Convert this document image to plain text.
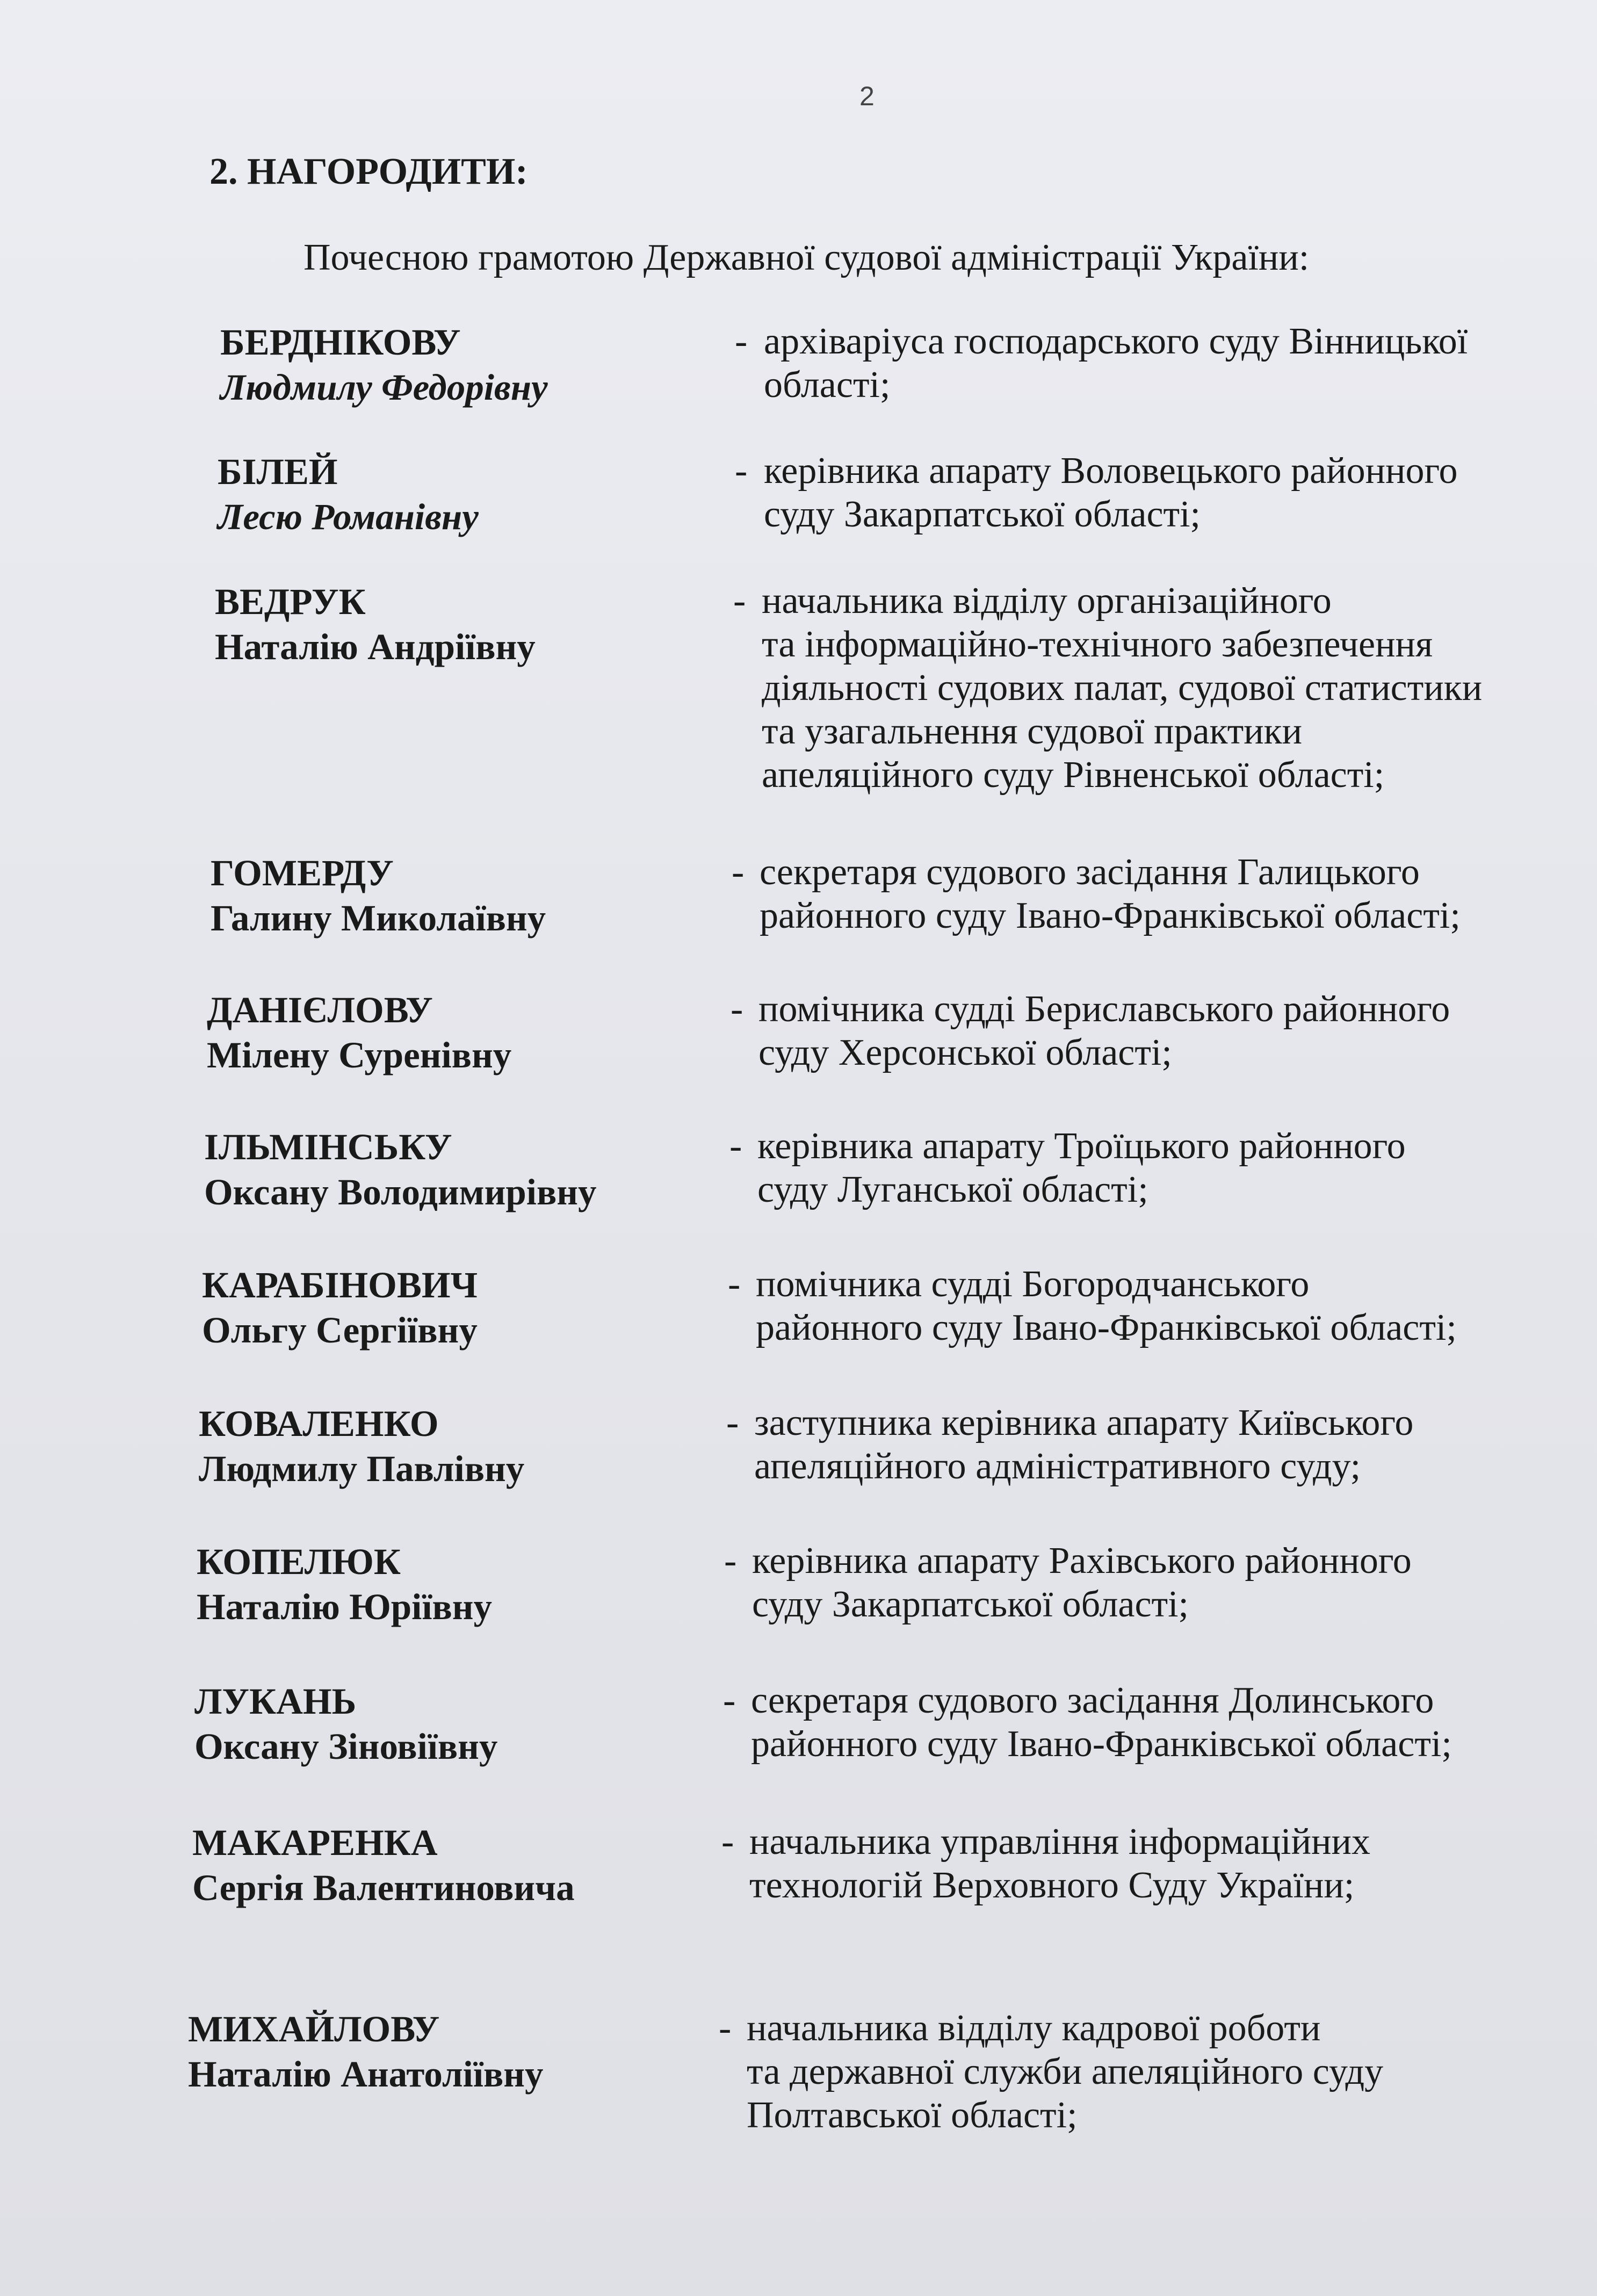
2
2. НАГОРОДИТИ:
Почесною грамотою Державної судової адміністрації України:
БЕРДНІКОВУ
Людмилу Федорівну
- архіваріуса господарського суду Вінницької
області;
БІЛЕЙ
Лесю Романівну
- керівника апарату Воловецького районного
суду Закарпатської області;
ВЕДРУК
Наталію Андріївну
- начальника відділу організаційного
та інформаційно-технічного забезпечення
діяльності судових палат, судової статистики
та узагальнення судової практики
апеляційного суду Рівненської області;
ГОМЕРДУ
Галину Миколаївну
- секретаря судового засідання Галицького
районного суду Івано-Франківської області;
ДАНІЄЛОВУ
Мілену Суренівну
- помічника судді Бериславського районного
суду Херсонської області;
ІЛЬМІНСЬКУ
Оксану Володимирівну
- керівника апарату Троїцького районного
суду Луганської області;
КАРАБІНОВИЧ
Ольгу Сергіївну
- помічника судді Богородчанського
районного суду Івано-Франківської області;
КОВАЛЕНКО
Людмилу Павлівну
- заступника керівника апарату Київського
апеляційного адміністративного суду;
КОПЕЛЮК
Наталію Юріївну
- керівника апарату Рахівського районного
суду Закарпатської області;
ЛУКАНЬ
Оксану Зіновіївну
- секретаря судового засідання Долинського
районного суду Івано-Франківської області;
МАКАРЕНКА
Сергія Валентиновича
- начальника управління інформаційних
технологій Верховного Суду України;
МИХАЙЛОВУ
Наталію Анатоліївну
- начальника відділу кадрової роботи
та державної служби апеляційного суду
Полтавської області;
